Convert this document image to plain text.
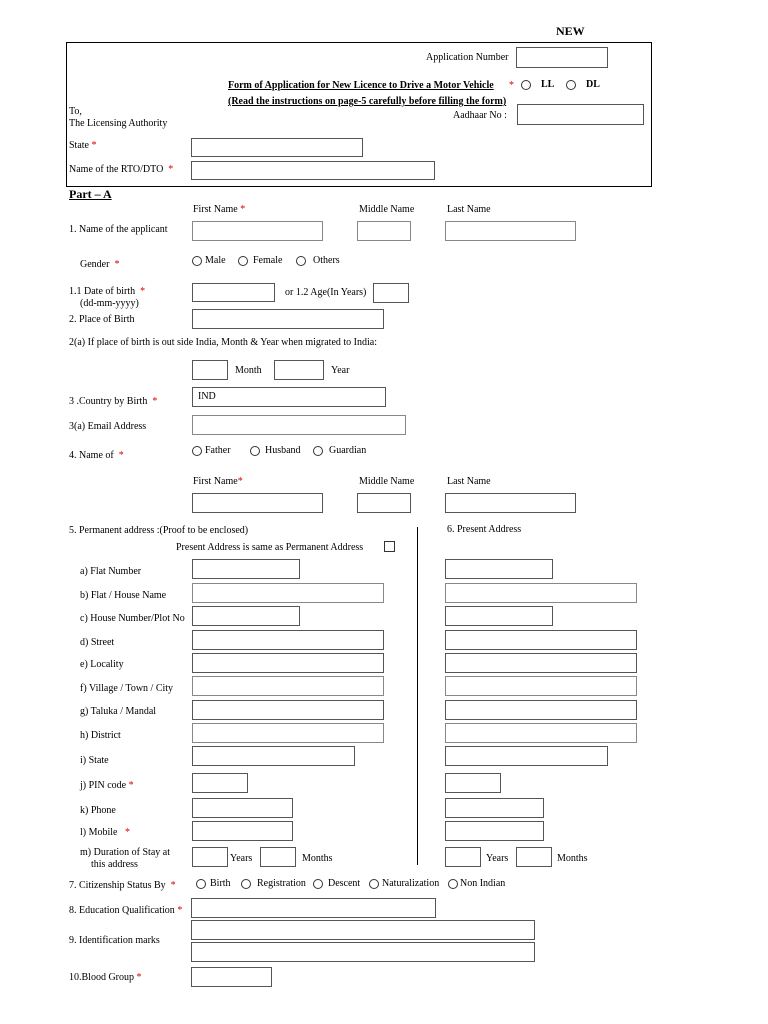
NEW
Application Number
Form of Application for New Licence to Drive a Motor Vehicle *	LL	DL
(Read the instructions on page-5 carefully before filling the form)
Aadhaar No :
To,
The Licensing Authority
State *
Name of the RTO/DTO *
Part – A
First Name *	Middle Name	Last Name
1. Name of the applicant
Gender *	Male	Female	Others
1.1 Date of birth *
(dd-mm-yyyy)
or 1.2 Age(In Years)
2. Place of Birth
2(a) If place of birth is out side India, Month & Year when migrated to India:
Month	Year
3 .Country by Birth *	IND
3(a) Email Address
4. Name of *	Father	Husband	Guardian
First Name*	Middle Name	Last Name
5. Permanent address :(Proof to be enclosed)	6. Present Address
Present Address is same as Permanent Address
a) Flat Number
b) Flat / House Name
c) House Number/Plot No
d) Street
e) Locality
f) Village / Town / City
g) Taluka / Mandal
h) District
i) State
j) PIN code *
k) Phone
l) Mobile *
m) Duration of Stay at
this address
Years	Months	Years	Months
7. Citizenship Status By *	Birth	Registration Descent Naturalization Non Indian
8. Education Qualification *
9. Identification marks
10.Blood Group *
